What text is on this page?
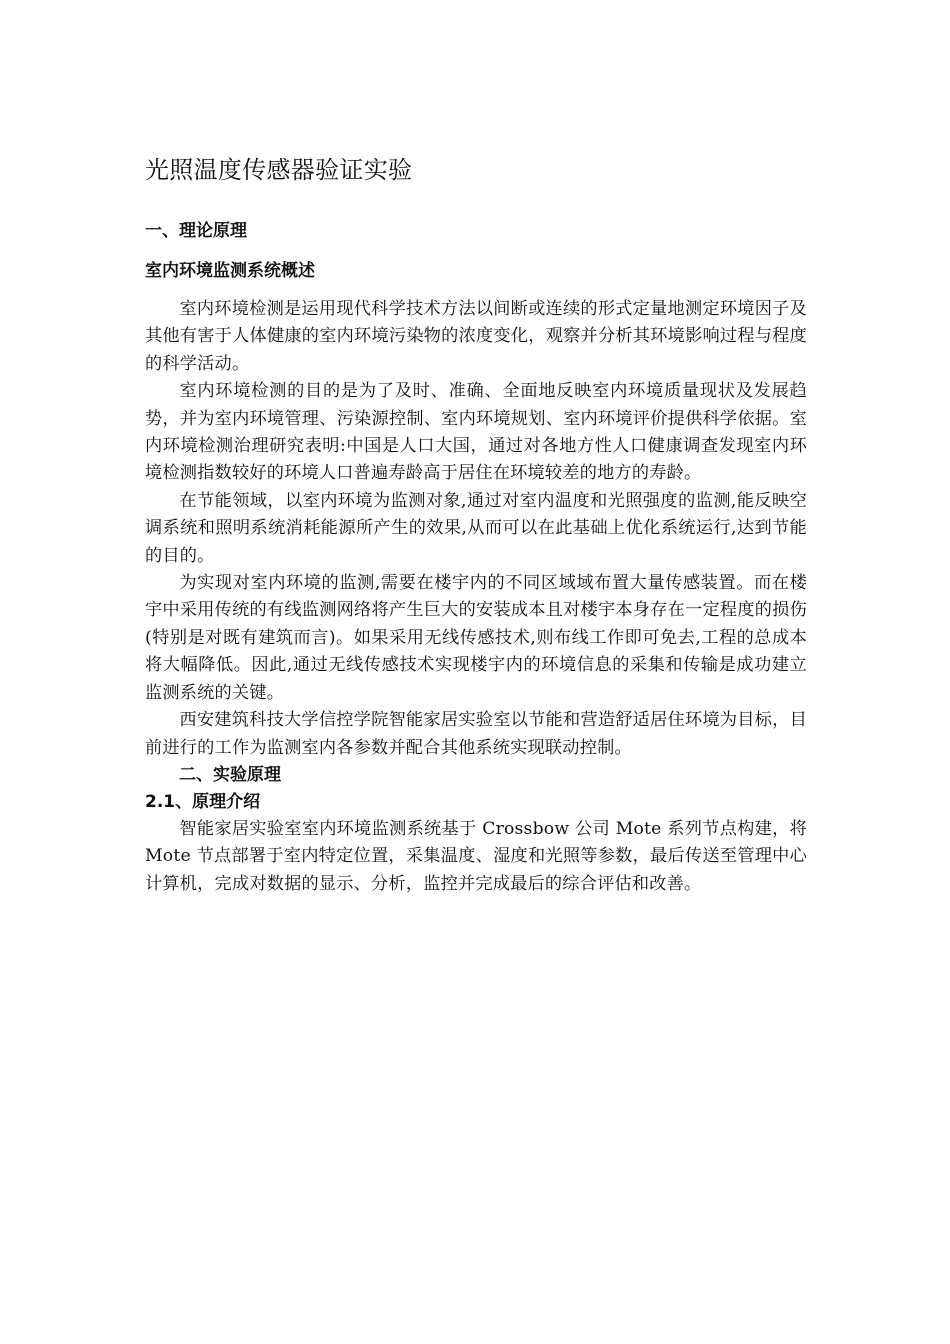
光照温度传感器验证实验
一、理论原理
室内环境监测系统概述

室内环境检测是运用现代科学技术方法以间断或连续的形式定量地测定环境因子及其他有害于人体健康的室内环境污染物的浓度变化，观察并分析其环境影响过程与程度的科学活动。

室内环境检测的目的是为了及时、准确、全面地反映室内环境质量现状及发展趋势，并为室内环境管理、污染源控制、室内环境规划、室内环境评价提供科学依据。室内环境检测治理研究表明:中国是人口大国，通过对各地方性人口健康调查发现室内环境检测指数较好的环境人口普遍寿龄高于居住在环境较差的地方的寿龄。

在节能领域，以室内环境为监测对象,通过对室内温度和光照强度的监测,能反映空调系统和照明系统消耗能源所产生的效果,从而可以在此基础上优化系统运行,达到节能的目的。

为实现对室内环境的监测,需要在楼宇内的不同区域域布置大量传感装置。而在楼宇中采用传统的有线监测网络将产生巨大的安装成本且对楼宇本身存在一定程度的损伤(特别是对既有建筑而言)。如果采用无线传感技术,则布线工作即可免去,工程的总成本将大幅降低。因此,通过无线传感技术实现楼宇内的环境信息的采集和传输是成功建立监测系统的关键。

西安建筑科技大学信控学院智能家居实验室以节能和营造舒适居住环境为目标，目前进行的工作为监测室内各参数并配合其他系统实现联动控制。

二、实验原理
2.1、原理介绍

智能家居实验室室内环境监测系统基于 Crossbow 公司 Mote 系列节点构建，将 Mote 节点部署于室内特定位置，采集温度、湿度和光照等参数，最后传送至管理中心计算机，完成对数据的显示、分析，监控并完成最后的综合评估和改善。
